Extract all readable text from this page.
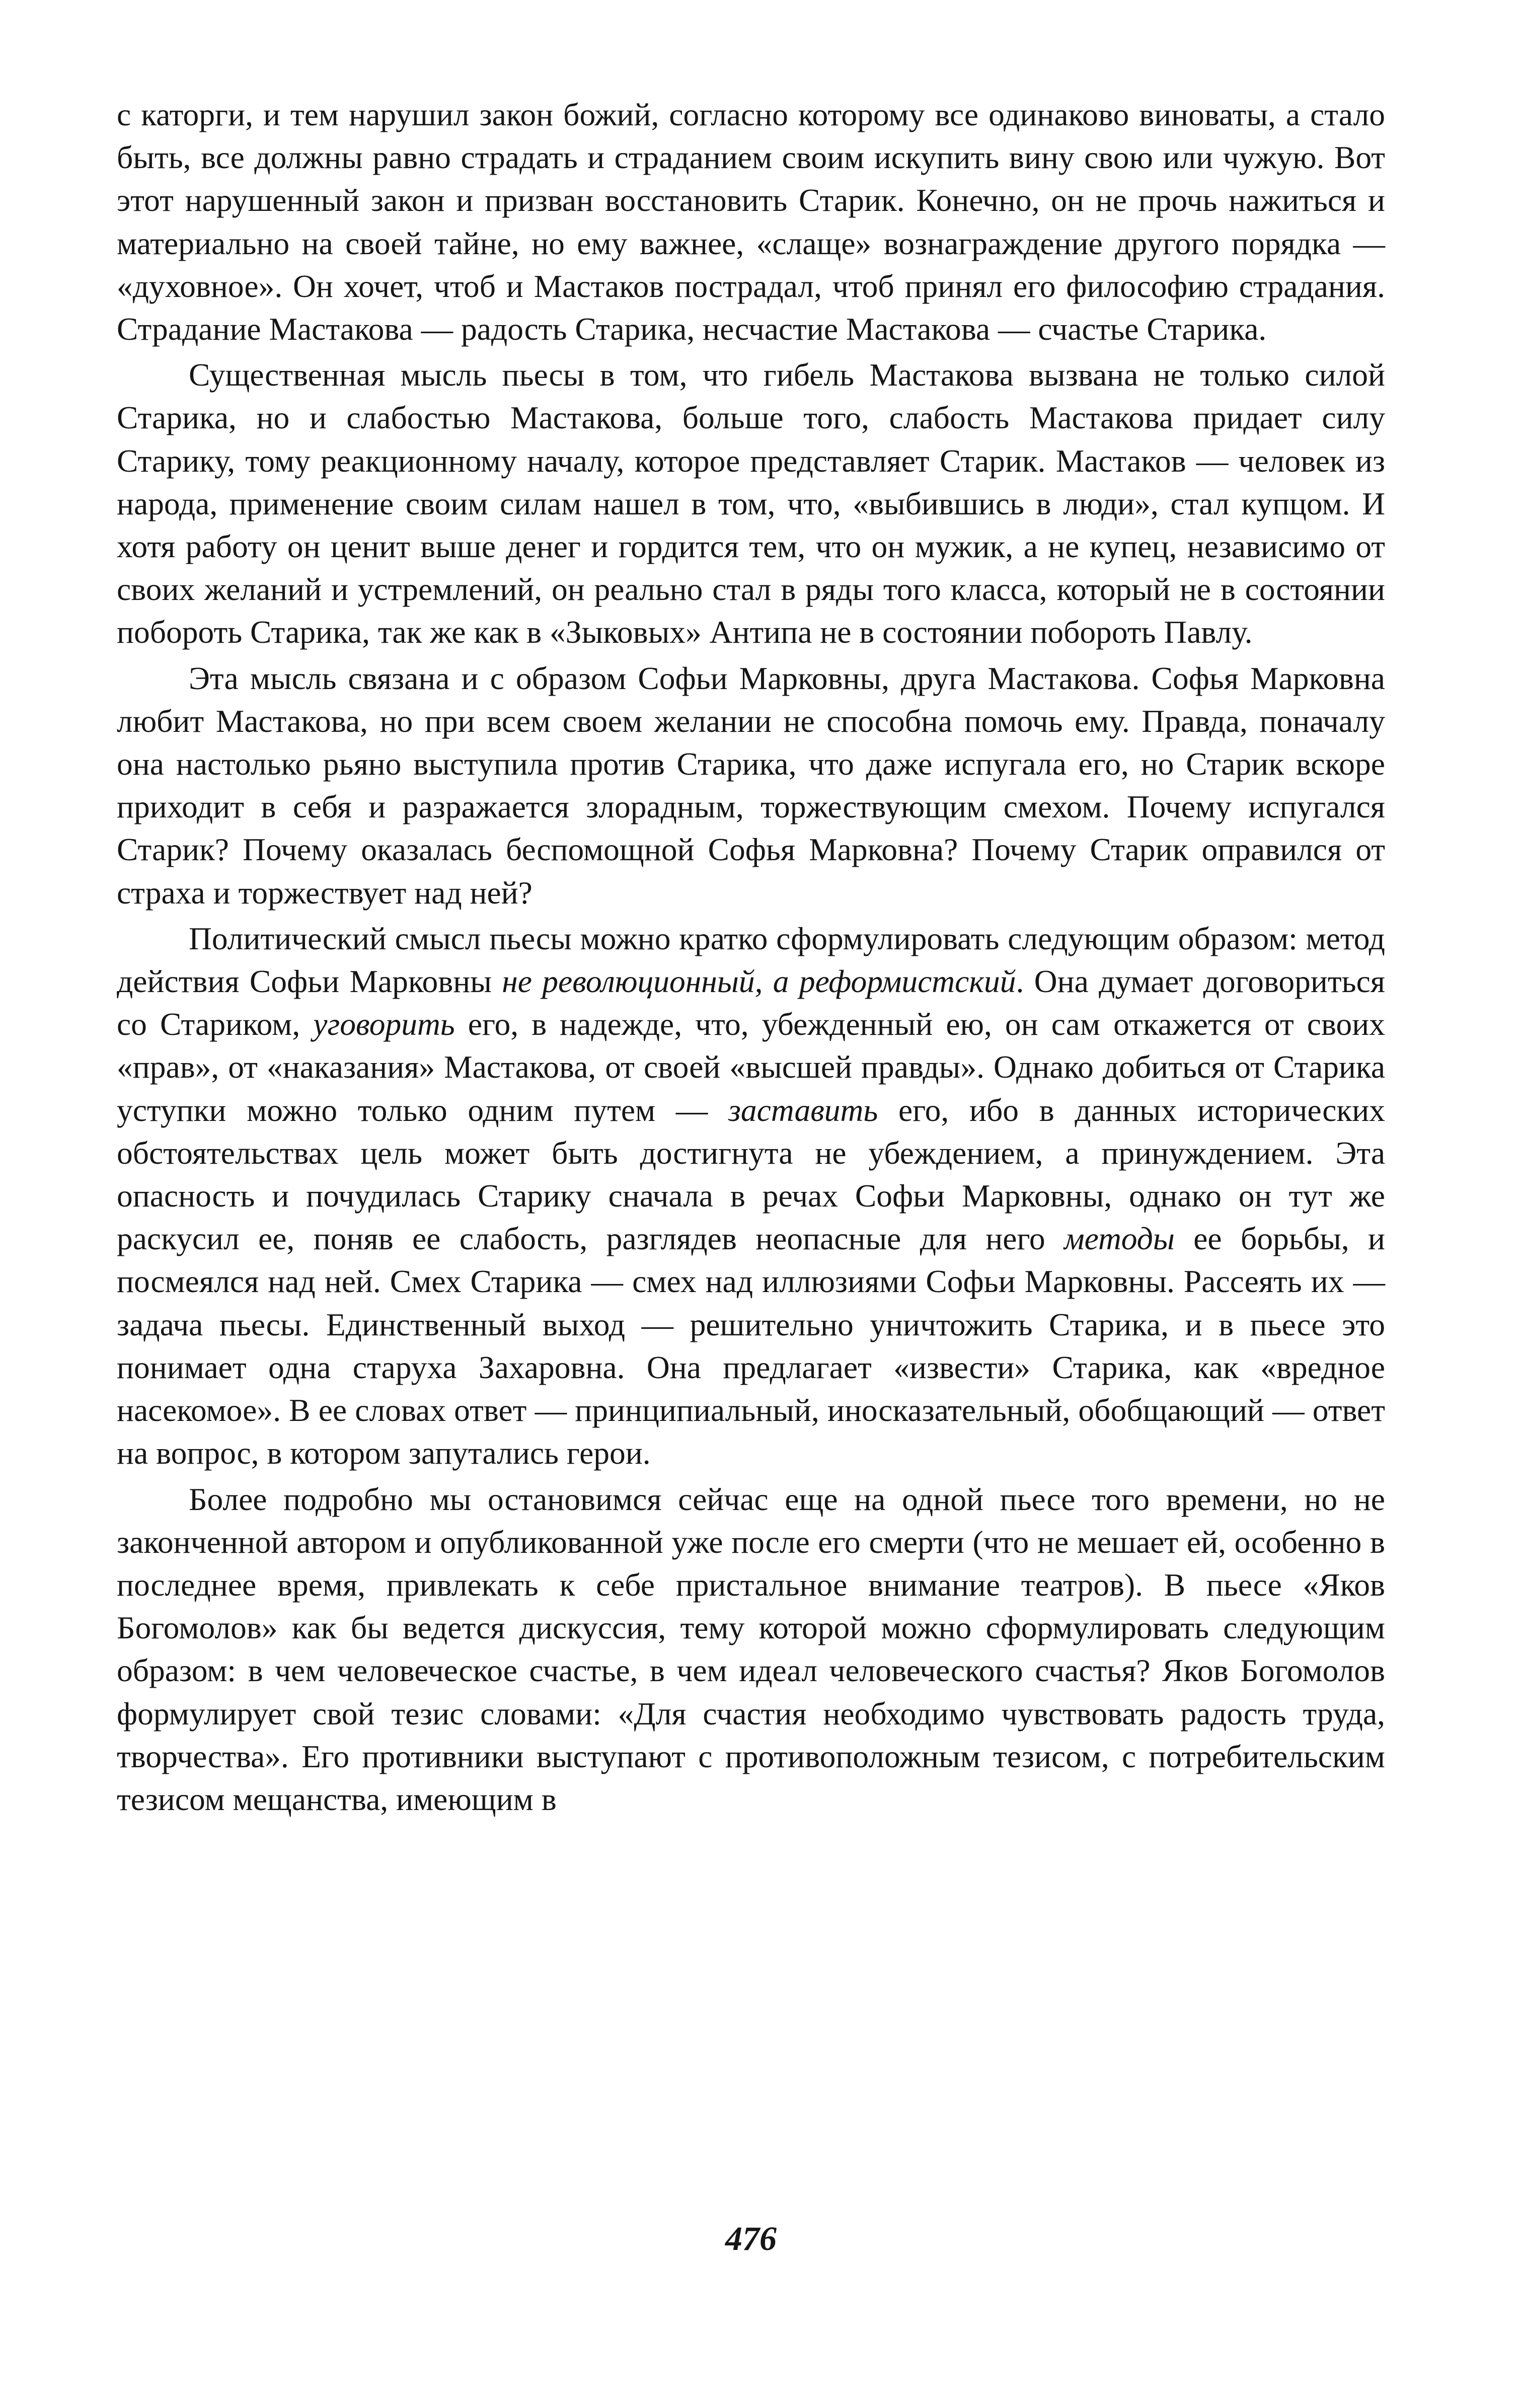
с каторги, и тем нарушил закон божий, согласно которому все одинаково виноваты, а стало быть, все должны равно страдать и страданием своим искупить вину свою или чужую. Вот этот нарушенный закон и призван восстановить Старик. Конечно, он не прочь нажиться и материально на своей тайне, но ему важнее, «слаще» вознаграждение другого порядка — «духовное». Он хочет, чтоб и Мастаков пострадал, чтоб принял его философию страдания. Страдание Мастакова — радость Старика, несчастие Мастакова — счастье Старика.

Существенная мысль пьесы в том, что гибель Мастакова вызвана не только силой Старика, но и слабостью Мастакова, больше того, слабость Мастакова придает силу Старику, тому реакционному началу, которое представляет Старик. Мастаков — человек из народа, применение своим силам нашел в том, что, «выбившись в люди», стал купцом. И хотя работу он ценит выше денег и гордится тем, что он мужик, а не купец, независимо от своих желаний и устремлений, он реально стал в ряды того класса, который не в состоянии побороть Старика, так же как в «Зыковых» Антипа не в состоянии побороть Павлу.

Эта мысль связана и с образом Софьи Марковны, друга Мастакова. Софья Марковна любит Мастакова, но при всем своем желании не способна помочь ему. Правда, поначалу она настолько рьяно выступила против Старика, что даже испугала его, но Старик вскоре приходит в себя и разражается злорадным, торжествующим смехом. Почему испугался Старик? Почему оказалась беспомощной Софья Марковна? Почему Старик оправился от страха и торжествует над ней?

Политический смысл пьесы можно кратко сформулировать следующим образом: метод действия Софьи Марковны не революционный, а реформистский. Она думает договориться со Стариком, уговорить его, в надежде, что, убежденный ею, он сам откажется от своих «прав», от «наказания» Мастакова, от своей «высшей правды». Однако добиться от Старика уступки можно только одним путем — заставить его, ибо в данных исторических обстоятельствах цель может быть достигнута не убеждением, а принуждением. Эта опасность и почудилась Старику сначала в речах Софьи Марковны, однако он тут же раскусил ее, поняв ее слабость, разглядев неопасные для него методы ее борьбы, и посмеялся над ней. Смех Старика — смех над иллюзиями Софьи Марковны. Рассеять их — задача пьесы. Единственный выход — решительно уничтожить Старика, и в пьесе это понимает одна старуха Захаровна. Она предлагает «извести» Старика, как «вредное насекомое». В ее словах ответ — принципиальный, иносказательный, обобщающий — ответ на вопрос, в котором запутались герои.

Более подробно мы остановимся сейчас еще на одной пьесе того времени, но не законченной автором и опубликованной уже после его смерти (что не мешает ей, особенно в последнее время, привлекать к себе пристальное внимание театров). В пьесе «Яков Богомолов» как бы ведется дискуссия, тему которой можно сформулировать следующим образом: в чем человеческое счастье, в чем идеал человеческого счастья? Яков Богомолов формулирует свой тезис словами: «Для счастия необходимо чувствовать радость труда, творчества». Его противники выступают с противоположным тезисом, с потребительским тезисом мещанства, имеющим в

476
